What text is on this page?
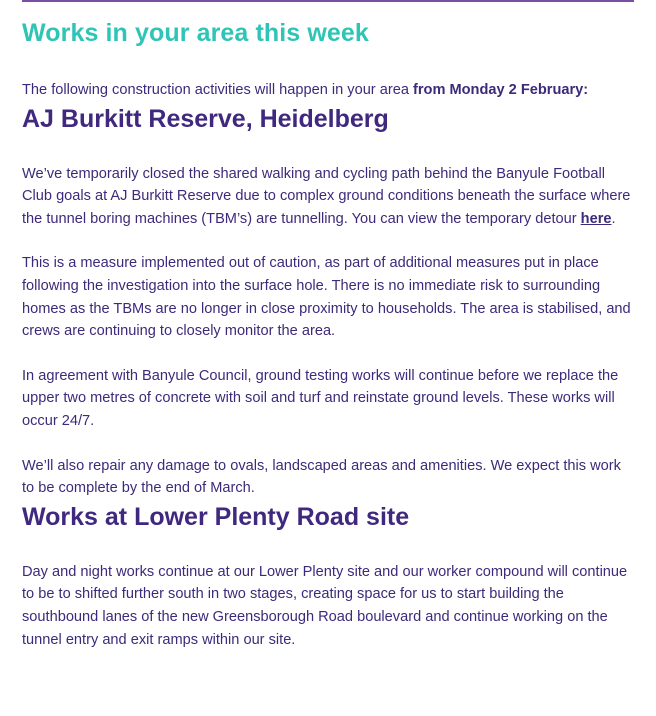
Works in your area this week

The following construction activities will happen in your area from Monday 2 February:

AJ Burkitt Reserve, Heidelberg

We’ve temporarily closed the shared walking and cycling path behind the Banyule Football Club goals at AJ Burkitt Reserve due to complex ground conditions beneath the surface where the tunnel boring machines (TBM’s) are tunnelling. You can view the temporary detour here.

This is a measure implemented out of caution, as part of additional measures put in place following the investigation into the surface hole. There is no immediate risk to surrounding homes as the TBMs are no longer in close proximity to households. The area is stabilised, and crews are continuing to closely monitor the area.

In agreement with Banyule Council, ground testing works will continue before we replace the upper two metres of concrete with soil and turf and reinstate ground levels. These works will occur 24/7.

We’ll also repair any damage to ovals, landscaped areas and amenities. We expect this work to be complete by the end of March.

Works at Lower Plenty Road site

Day and night works continue at our Lower Plenty site and our worker compound will continue to be to shifted further south in two stages, creating space for us to start building the southbound lanes of the new Greensborough Road boulevard and continue working on the tunnel entry and exit ramps within our site.
